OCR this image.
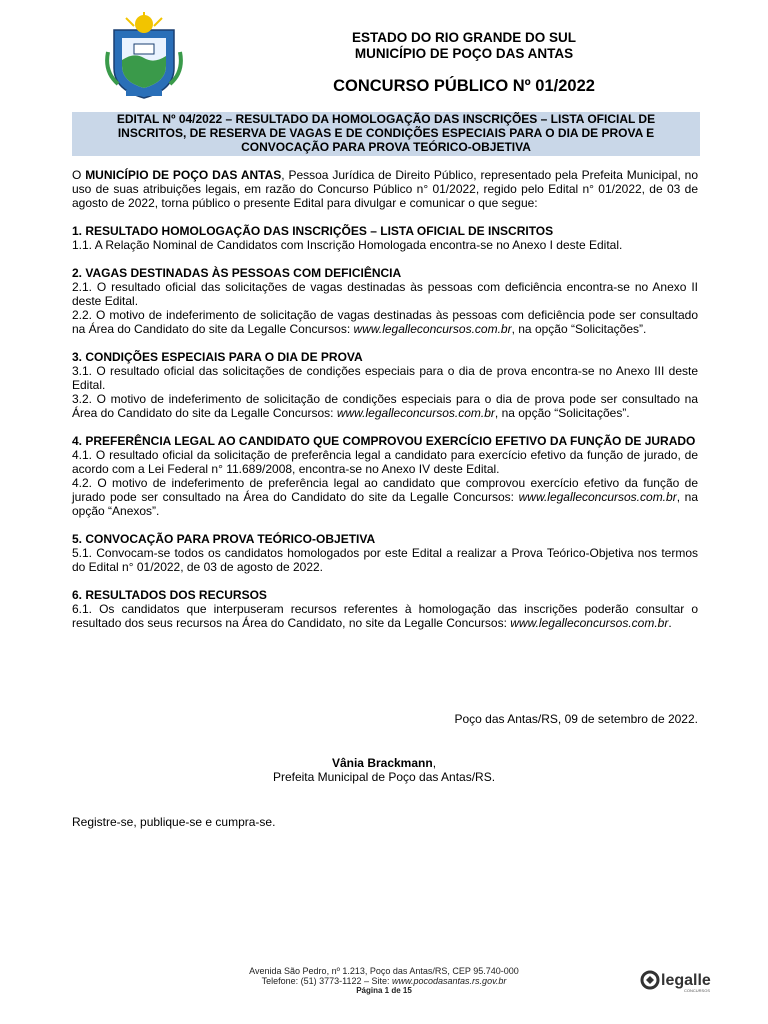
ESTADO DO RIO GRANDE DO SUL
MUNICÍPIO DE POÇO DAS ANTAS
CONCURSO PÚBLICO Nº 01/2022
EDITAL Nº 04/2022 – RESULTADO DA HOMOLOGAÇÃO DAS INSCRIÇÕES – LISTA OFICIAL DE
INSCRITOS, DE RESERVA DE VAGAS E DE CONDIÇÕES ESPECIAIS PARA O DIA DE PROVA E
CONVOCAÇÃO PARA PROVA TEÓRICO-OBJETIVA

O MUNICÍPIO DE POÇO DAS ANTAS, Pessoa Jurídica de Direito Público, representado pela Prefeita Municipal, no uso de suas atribuições legais, em razão do Concurso Público n° 01/2022, regido pelo Edital n° 01/2022, de 03 de agosto de 2022, torna público o presente Edital para divulgar e comunicar o que segue:

1. RESULTADO HOMOLOGAÇÃO DAS INSCRIÇÕES – LISTA OFICIAL DE INSCRITOS

1.1. A Relação Nominal de Candidatos com Inscrição Homologada encontra-se no Anexo I deste Edital.

2. VAGAS DESTINADAS ÀS PESSOAS COM DEFICIÊNCIA

2.1. O resultado oficial das solicitações de vagas destinadas às pessoas com deficiência encontra-se no Anexo II deste Edital.

2.2. O motivo de indeferimento de solicitação de vagas destinadas às pessoas com deficiência pode ser consultado na Área do Candidato do site da Legalle Concursos: www.legalleconcursos.com.br, na opção “Solicitações”.

3. CONDIÇÕES ESPECIAIS PARA O DIA DE PROVA

3.1. O resultado oficial das solicitações de condições especiais para o dia de prova encontra-se no Anexo III deste Edital.

3.2. O motivo de indeferimento de solicitação de condições especiais para o dia de prova pode ser consultado na Área do Candidato do site da Legalle Concursos: www.legalleconcursos.com.br, na opção “Solicitações”.

4. PREFERÊNCIA LEGAL AO CANDIDATO QUE COMPROVOU EXERCÍCIO EFETIVO DA FUNÇÃO DE JURADO

4.1. O resultado oficial da solicitação de preferência legal a candidato para exercício efetivo da função de jurado, de acordo com a Lei Federal n° 11.689/2008, encontra-se no Anexo IV deste Edital.

4.2. O motivo de indeferimento de preferência legal ao candidato que comprovou exercício efetivo da função de jurado pode ser consultado na Área do Candidato do site da Legalle Concursos: www.legalleconcursos.com.br, na opção “Anexos”.

5. CONVOCAÇÃO PARA PROVA TEÓRICO-OBJETIVA

5.1. Convocam-se todos os candidatos homologados por este Edital a realizar a Prova Teórico-Objetiva nos termos do Edital n° 01/2022, de 03 de agosto de 2022.

6. RESULTADOS DOS RECURSOS

6.1. Os candidatos que interpuseram recursos referentes à homologação das inscrições poderão consultar o resultado dos seus recursos na Área do Candidato, no site da Legalle Concursos: www.legalleconcursos.com.br.

Poço das Antas/RS, 09 de setembro de 2022.
Vânia Brackmann,
Prefeita Municipal de Poço das Antas/RS.
Registre-se, publique-se e cumpra-se.
Avenida São Pedro, nº 1.213, Poço das Antas/RS, CEP 95.740-000
Telefone: (51) 3773-1122 – Site: www.pocodasantas.rs.gov.br
Página 1 de 15
legalle
CONCURSOS
